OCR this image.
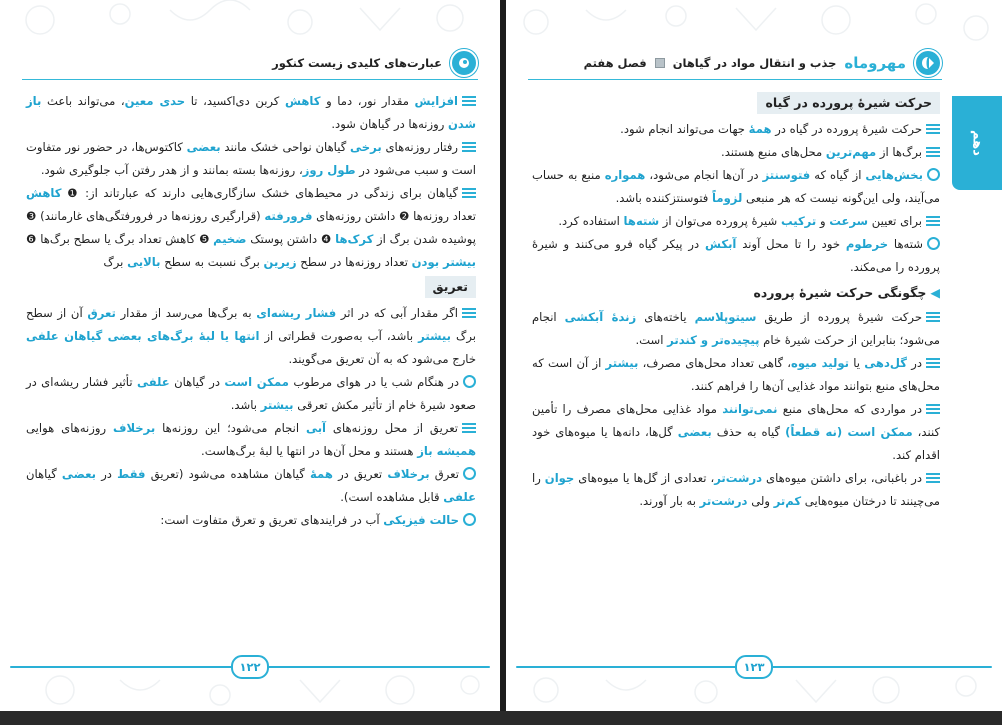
عبارت‌های کلیدی زیست کنکور

افزایش مقدار نور، دما و کاهش کربن دی‌اکسید، تا حدی معین، می‌تواند باعث باز شدن روزنه‌ها در گیاهان شود.

رفتار روزنه‌های برخی گیاهان نواحی خشک مانند بعضی کاکتوس‌ها، در حضور نور متفاوت است و سبب می‌شود در طول روز، روزنه‌ها بسته بمانند و از هدر رفتن آب جلوگیری شود.

گیاهان برای زندگی در محیط‌های خشک سازگاری‌هایی دارند که عبارتاند از: ❶ کاهش تعداد روزنه‌ها ❷ داشتن روزنه‌های فرورفته (قرارگیری روزنه‌ها در فرورفتگی‌های غارمانند) ❸ پوشیده شدن برگ از کرک‌ها ❹ داشتن پوستک ضخیم ❺ کاهش تعداد برگ یا سطح برگ‌ها ❻ بیشتر بودن تعداد روزنه‌ها در سطح زیرین برگ نسبت به سطح بالایی برگ

تعریق

اگر مقدار آبی که در اثر فشار ریشه‌ای به برگ‌ها می‌رسد از مقدار تعرق آن از سطح برگ بیشتر باشد، آب به‌صورت قطراتی از انتها یا لبهٔ برگ‌های بعضی گیاهان علفی خارج می‌شود که به آن تعریق می‌گویند.

در هنگام شب یا در هوای مرطوب ممکن است در گیاهان علفی تأثیر فشار ریشه‌ای در صعود شیرهٔ خام از تأثیر مکش تعرقی بیشتر باشد.

تعریق از محل روزنه‌های آبی انجام می‌شود؛ این روزنه‌ها برخلاف روزنه‌های هوایی همیشه باز هستند و محل آن‌ها در انتها یا لبهٔ برگ‌هاست.

تعرق برخلاف تعریق در همهٔ گیاهان مشاهده می‌شود (تعریق فقط در بعضی گیاهان علفی قابل مشاهده است).

حالت فیزیکی آب در فرایندهای تعریق و تعرق متفاوت است:

۱۲۲
مهروماه
جذب و انتقال مواد در گیاهان
فصل هفتم
دهم
حرکت شیرهٔ پرورده در گیاه

حرکت شیرهٔ پرورده در گیاه در همهٔ جهات می‌تواند انجام شود.

برگ‌ها از مهم‌ترین محل‌های منبع هستند.

بخش‌هایی از گیاه که فتوسنتز در آن‌ها انجام می‌شود، همواره منبع به حساب می‌آیند، ولی این‌گونه نیست که هر منبعی لزوماً فتوسنتزکننده باشد.

برای تعیین سرعت و ترکیب شیرهٔ پرورده می‌توان از شته‌ها استفاده کرد.

شته‌ها خرطوم خود را تا محل آوند آبکش در پیکر گیاه فرو می‌کنند و شیرهٔ پرورده را می‌مکند.

◀چگونگی حرکت شیرهٔ پرورده

حرکت شیرهٔ پرورده از طریق سیتوپلاسم یاخته‌های زندهٔ آبکشی انجام می‌شود؛ بنابراین از حرکت شیرهٔ خام پیچیده‌تر و کندتر است.

در گل‌دهی یا تولید میوه، گاهی تعداد محل‌های مصرف، بیشتر از آن است که محل‌های منبع بتوانند مواد غذایی آن‌ها را فراهم کنند.

در مواردی که محل‌های منبع نمی‌توانند مواد غذایی محل‌های مصرف را تأمین کنند، ممکن است (نه قطعاً) گیاه به حذف بعضی گل‌ها، دانه‌ها یا میوه‌های خود اقدام کند.

در باغبانی، برای داشتن میوه‌های درشت‌تر، تعدادی از گل‌ها یا میوه‌های جوان را می‌چینند تا درختان میوه‌هایی کم‌تر ولی درشت‌تر به بار آورند.

۱۲۳
